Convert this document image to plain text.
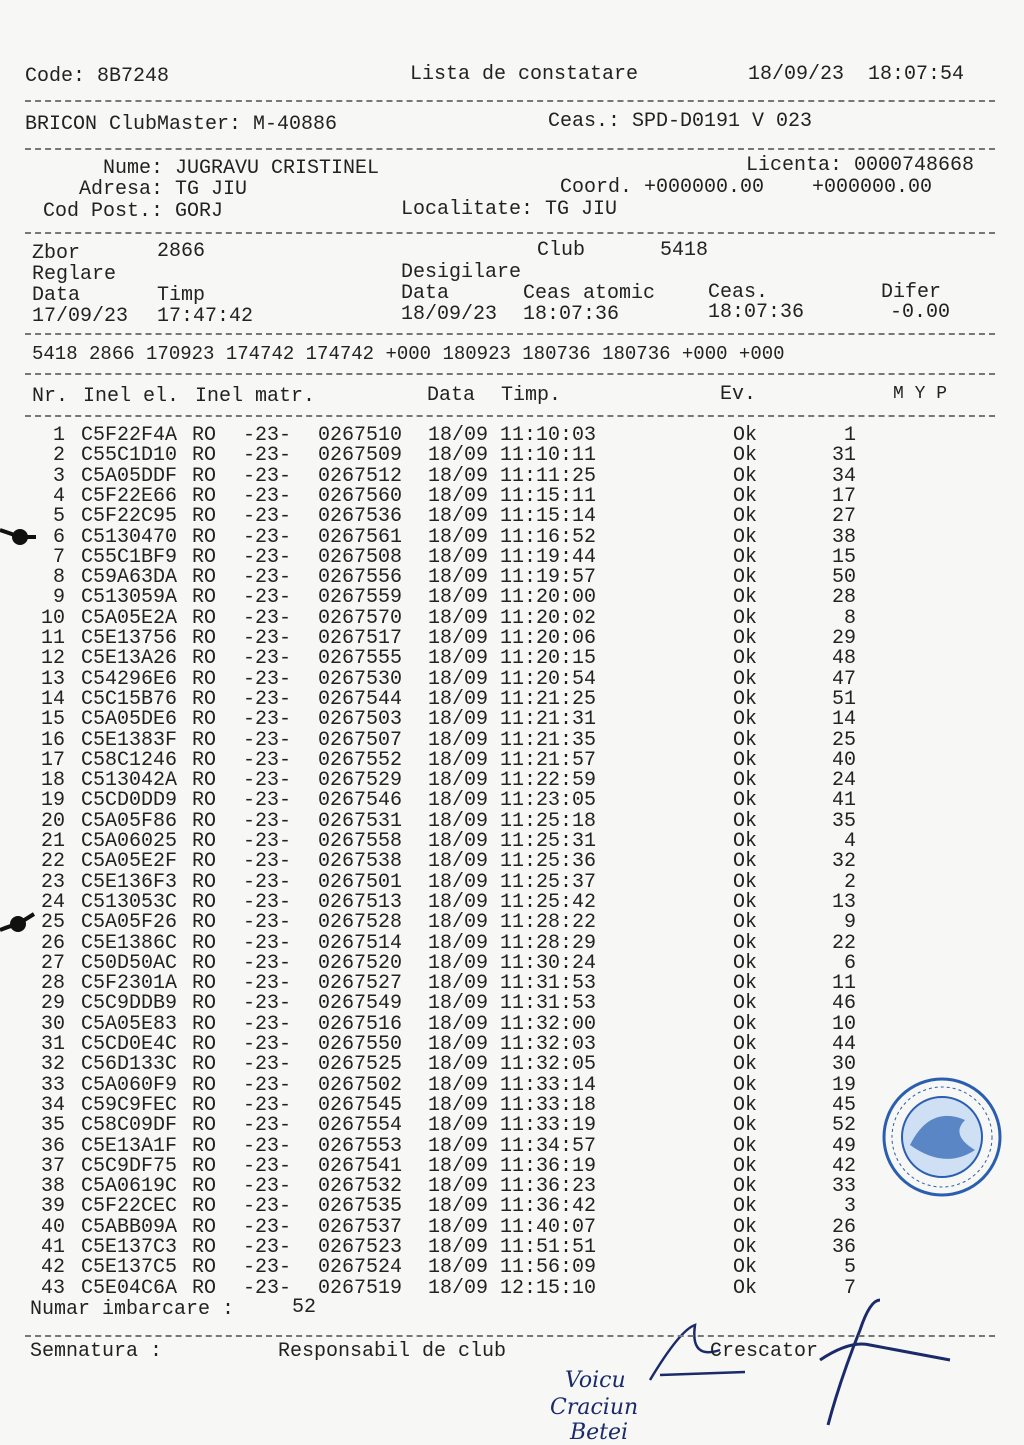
Code: 8B7248	Lista de constatare	18/09/23  18:07:54
BRICON ClubMaster: M-40886	Ceas.: SPD-D0191 V 023
Nume: JUGRAVU CRISTINEL	Licenta: 0000748668
Adresa: TG JIU	Coord. +000000.00    +000000.00
Cod Post.: GORJ	Localitate: TG JIU
Zbor	2866	Club	5418
Reglare	Desigilare
Data	Timp	Data	Ceas atomic	Ceas.	Difer
17/09/23 17:47:42	18/09/23 18:07:36	18:07:36	-0.00
5418 2866 170923 174742 174742 +000 180923 180736 180736 +000 +000
Nr. Inel el. Inel matr.	Data Timp.	Ev.	M Y P
1 C5F22F4A RO -23- 0267510 18/09 11:10:03	Ok	1
2 C55C1D10 RO -23- 0267509 18/09 11:10:11	Ok	31
3 C5A05DDF RO -23- 0267512 18/09 11:11:25	Ok	34
4 C5F22E66 RO -23- 0267560 18/09 11:15:11	Ok	17
5 C5F22C95 RO -23- 0267536 18/09 11:15:14	Ok	27
6 C5130470 RO -23- 0267561 18/09 11:16:52	Ok	38
7 C55C1BF9 RO -23- 0267508 18/09 11:19:44	Ok	15
8 C59A63DA RO -23- 0267556 18/09 11:19:57	Ok	50
9 C513059A RO -23- 0267559 18/09 11:20:00	Ok	28
10 C5A05E2A RO -23- 0267570 18/09 11:20:02	Ok	8
11 C5E13756 RO -23- 0267517 18/09 11:20:06	Ok	29
12 C5E13A26 RO -23- 0267555 18/09 11:20:15	Ok	48
13 C54296E6 RO -23- 0267530 18/09 11:20:54	Ok	47
14 C5C15B76 RO -23- 0267544 18/09 11:21:25	Ok	51
15 C5A05DE6 RO -23- 0267503 18/09 11:21:31	Ok	14
16 C5E1383F RO -23- 0267507 18/09 11:21:35	Ok	25
17 C58C1246 RO -23- 0267552 18/09 11:21:57	Ok	40
18 C513042A RO -23- 0267529 18/09 11:22:59	Ok	24
19 C5CD0DD9 RO -23- 0267546 18/09 11:23:05	Ok	41
20 C5A05F86 RO -23- 0267531 18/09 11:25:18	Ok	35
21 C5A06025 RO -23- 0267558 18/09 11:25:31	Ok	4
22 C5A05E2F RO -23- 0267538 18/09 11:25:36	Ok	32
23 C5E136F3 RO -23- 0267501 18/09 11:25:37	Ok	2
24 C513053C RO -23- 0267513 18/09 11:25:42	Ok	13
25 C5A05F26 RO -23- 0267528 18/09 11:28:22	Ok	9
26 C5E1386C RO -23- 0267514 18/09 11:28:29	Ok	22
27 C50D50AC RO -23- 0267520 18/09 11:30:24	Ok	6
28 C5F2301A RO -23- 0267527 18/09 11:31:53	Ok	11
29 C5C9DDB9 RO -23- 0267549 18/09 11:31:53	Ok	46
30 C5A05E83 RO -23- 0267516 18/09 11:32:00	Ok	10
31 C5CD0E4C RO -23- 0267550 18/09 11:32:03	Ok	44
32 C56D133C RO -23- 0267525 18/09 11:32:05	Ok	30
33 C5A060F9 RO -23- 0267502 18/09 11:33:14	Ok	19
34 C59C9FEC RO -23- 0267545 18/09 11:33:18	Ok	45
35 C58C09DF RO -23- 0267554 18/09 11:33:19	Ok	52
36 C5E13A1F RO -23- 0267553 18/09 11:34:57	Ok	49
37 C5C9DF75 RO -23- 0267541 18/09 11:36:19	Ok	42
38 C5A0619C RO -23- 0267532 18/09 11:36:23	Ok	33
39 C5F22CEC RO -23- 0267535 18/09 11:36:42	Ok	3
40 C5ABB09A RO -23- 0267537 18/09 11:40:07	Ok	26
41 C5E137C3 RO -23- 0267523 18/09 11:51:51	Ok	36
42 C5E137C5 RO -23- 0267524 18/09 11:56:09	Ok	5
43 C5E04C6A RO -23- 0267519 18/09 12:15:10	Ok	7
Numar imbarcare :	52
Semnatura :	Responsabil de club	Crescator
Voicu
Craciun
Betei
